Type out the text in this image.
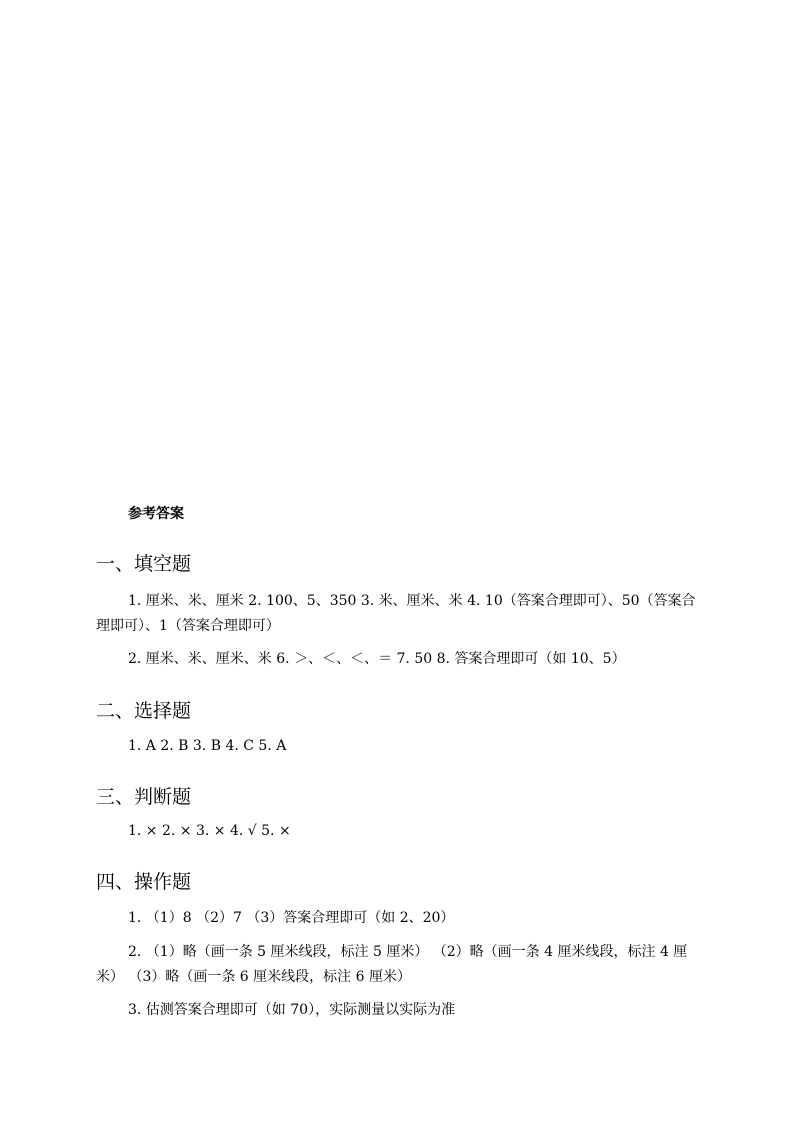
参考答案
一、填空题
1. 厘米、米、厘米 2. 100、5、350 3. 米、厘米、米 4. 10（答案合理即可）、50（答案合理即可）、1（答案合理即可）
2. 厘米、米、厘米、米 6. ＞、＜、＜、＝ 7. 50 8. 答案合理即可（如 10、5）
二、选择题
1. A 2. B 3. B 4. C 5. A
三、判断题
1. × 2. × 3. × 4. √ 5. ×
四、操作题
1. （1）8 （2）7 （3）答案合理即可（如 2、20）
2. （1）略（画一条 5 厘米线段，标注 5 厘米） （2）略（画一条 4 厘米线段，标注 4 厘米） （3）略（画一条 6 厘米线段，标注 6 厘米）
3. 估测答案合理即可（如 70），实际测量以实际为准
